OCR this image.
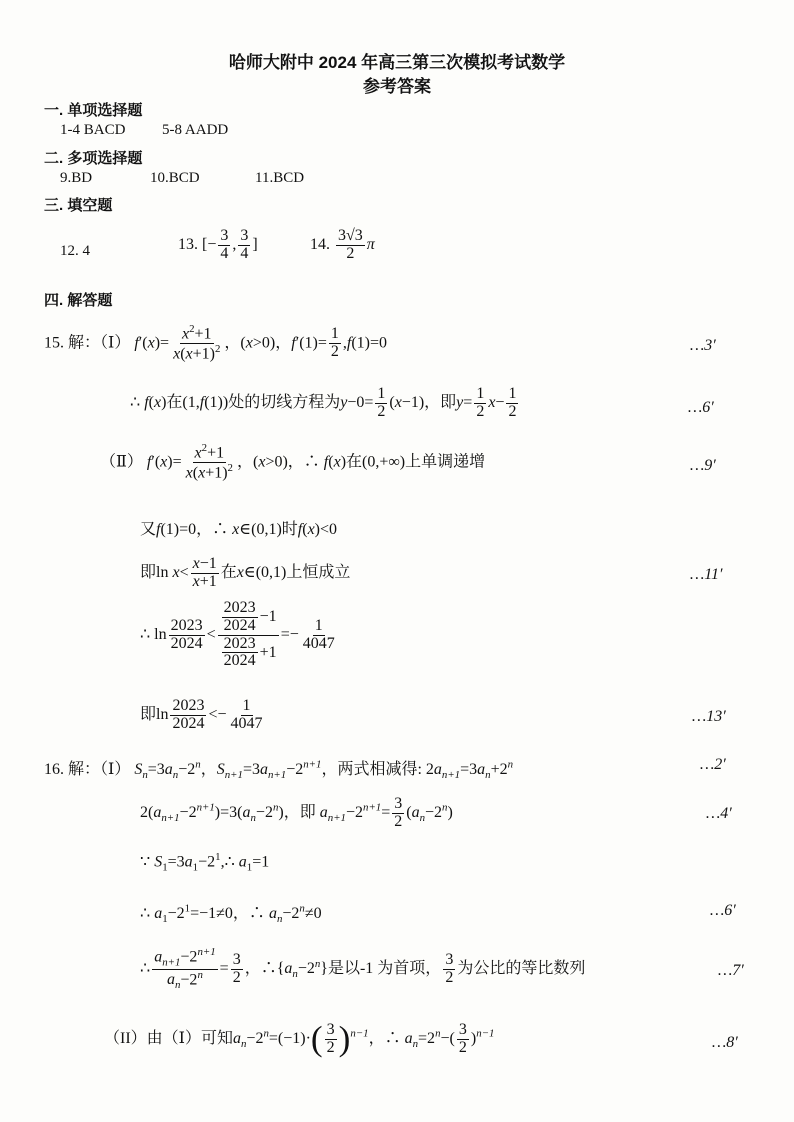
哈师大附中 2024 年高三第三次模拟考试数学
参考答案
一. 单项选择题
1-4 BACD 5-8 AADD
二. 多项选择题
9.BD	10.BCD	11.BCD
三. 填空题
12. 4	13. [− $\frac{3}{4}$ , $\frac{3}{4}$ ]	14. $\frac{3√3}{2}$ π
四. 解答题
15. 解：（Ⅰ） $f'(x)= \frac{x^2+1}{x(x+1)^2}$ ，(x>0)，$f'(1)= \frac{1}{2} ,f(1)=0$	…3′
∴ f(x)在(1,f(1))处的切线方程为$y-0= \frac{1}{2} (x-1)$，即$y= \frac{1}{2} x- \frac{1}{2}$	…6′
（Ⅱ） $f'(x)= \frac{x^2+1}{x(x+1)^2}$ ，(x>0)，∴ f(x)在(0,+∞)上单调递增	…9′
又f(1)=0，∴ x∈(0,1)时f(x)<0
即$\ln x< \frac{x-1}{x+1}$ 在x∈(0,1)上恒成立	…11′
∴ $\ln \frac{2023}{2024} < \frac{\frac{2023}{2024} -1}{\frac{2023}{2024} +1} =- \frac{1}{4047}$
即$\ln \frac{2023}{2024} <- \frac{1}{4047}$	…13′
16. 解：（Ⅰ） $S_n=3a_n-2^n$，$S_{n+1}=3a_{n+1}-2^{n+1}$，两式相减得: $2a_{n+1}=3a_n+2^n$	…2′
$2(a_{n+1}-2^{n+1})=3(a_n-2^n)$，即 $a_{n+1}-2^{n+1}= \frac{3}{2} (a_n-2^n)$	…4′
∵ $S_1=3a_1-2^1,\therefore$ $a_1=1$
∴ $a_1-2^1=-1\ne 0$，∴ $a_n-2^n\ne 0$	…6′
∴ $\frac{a_{n+1}-2^{n+1}}{a_n-2^n} = \frac{3}{2}$ ，$\therefore\{a_n-2^n\}$是以-1 为首项， $\frac{3}{2}$ 为公比的等比数列	…7′
（II）由（Ⅰ）可知$a_n-2^n=(-1)\cdot( \frac{3}{2} )^{n-1}$，∴ $a_n=2^n-( \frac{3}{2} )^{n-1}$
…8′
